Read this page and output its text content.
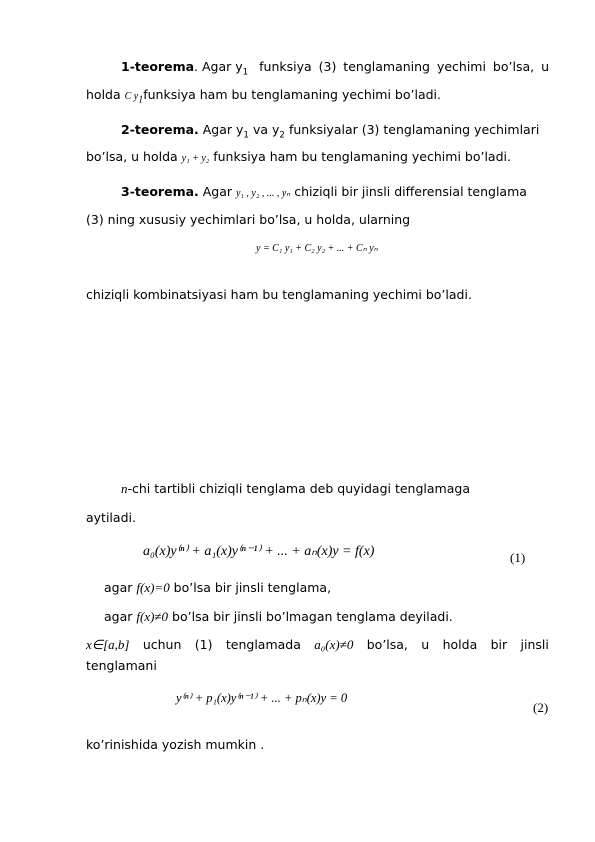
1-teorema. Agar $y_1$ funksiya (3) tenglamaning yechimi bo’lsa, u
holda C $y_1funksiya$ ham bu tenglamaning yechimi bo’ladi.
2-teorema. Agar $y_1$ va $y_2$ funksiyalar (3) tenglamaning yechimlari
bo’lsa, u holda y₁ + y₂ funksiya ham bu tenglamaning yechimi bo’ladi.
3-teorema. Agar y₁ , y₂ , ... , yₙ chiziqli bir jinsli differensial tenglama
(3) ning xususiy yechimlari bo’lsa, u holda, ularning
y = C₁ y₁ + C₂ y₂ + ... + Cₙ yₙ
chiziqli kombinatsiyasi ham bu tenglamaning yechimi bo’ladi.
n-chi tartibli chiziqli tenglama deb quyidagi tenglamaga
aytiladi.
a₀(x)y⁽ⁿ⁾ + a₁(x)y⁽ⁿ⁻¹⁾ + ... + aₙ(x)y = f(x)	(1)
agar f(x)=0 bo’lsa bir jinsli tenglama,
agar f(x)≠0 bo’lsa bir jinsli bo’lmagan tenglama deyiladi.
x∈[a,b] uchun (1) tenglamada a₀(x)≠0 bo’lsa, u holda bir jinsli
tenglamani
y⁽ⁿ⁾ + p₁(x)y⁽ⁿ⁻¹⁾ + ... + pₙ(x)y = 0
(2)
ko’rinishida yozish mumkin .
